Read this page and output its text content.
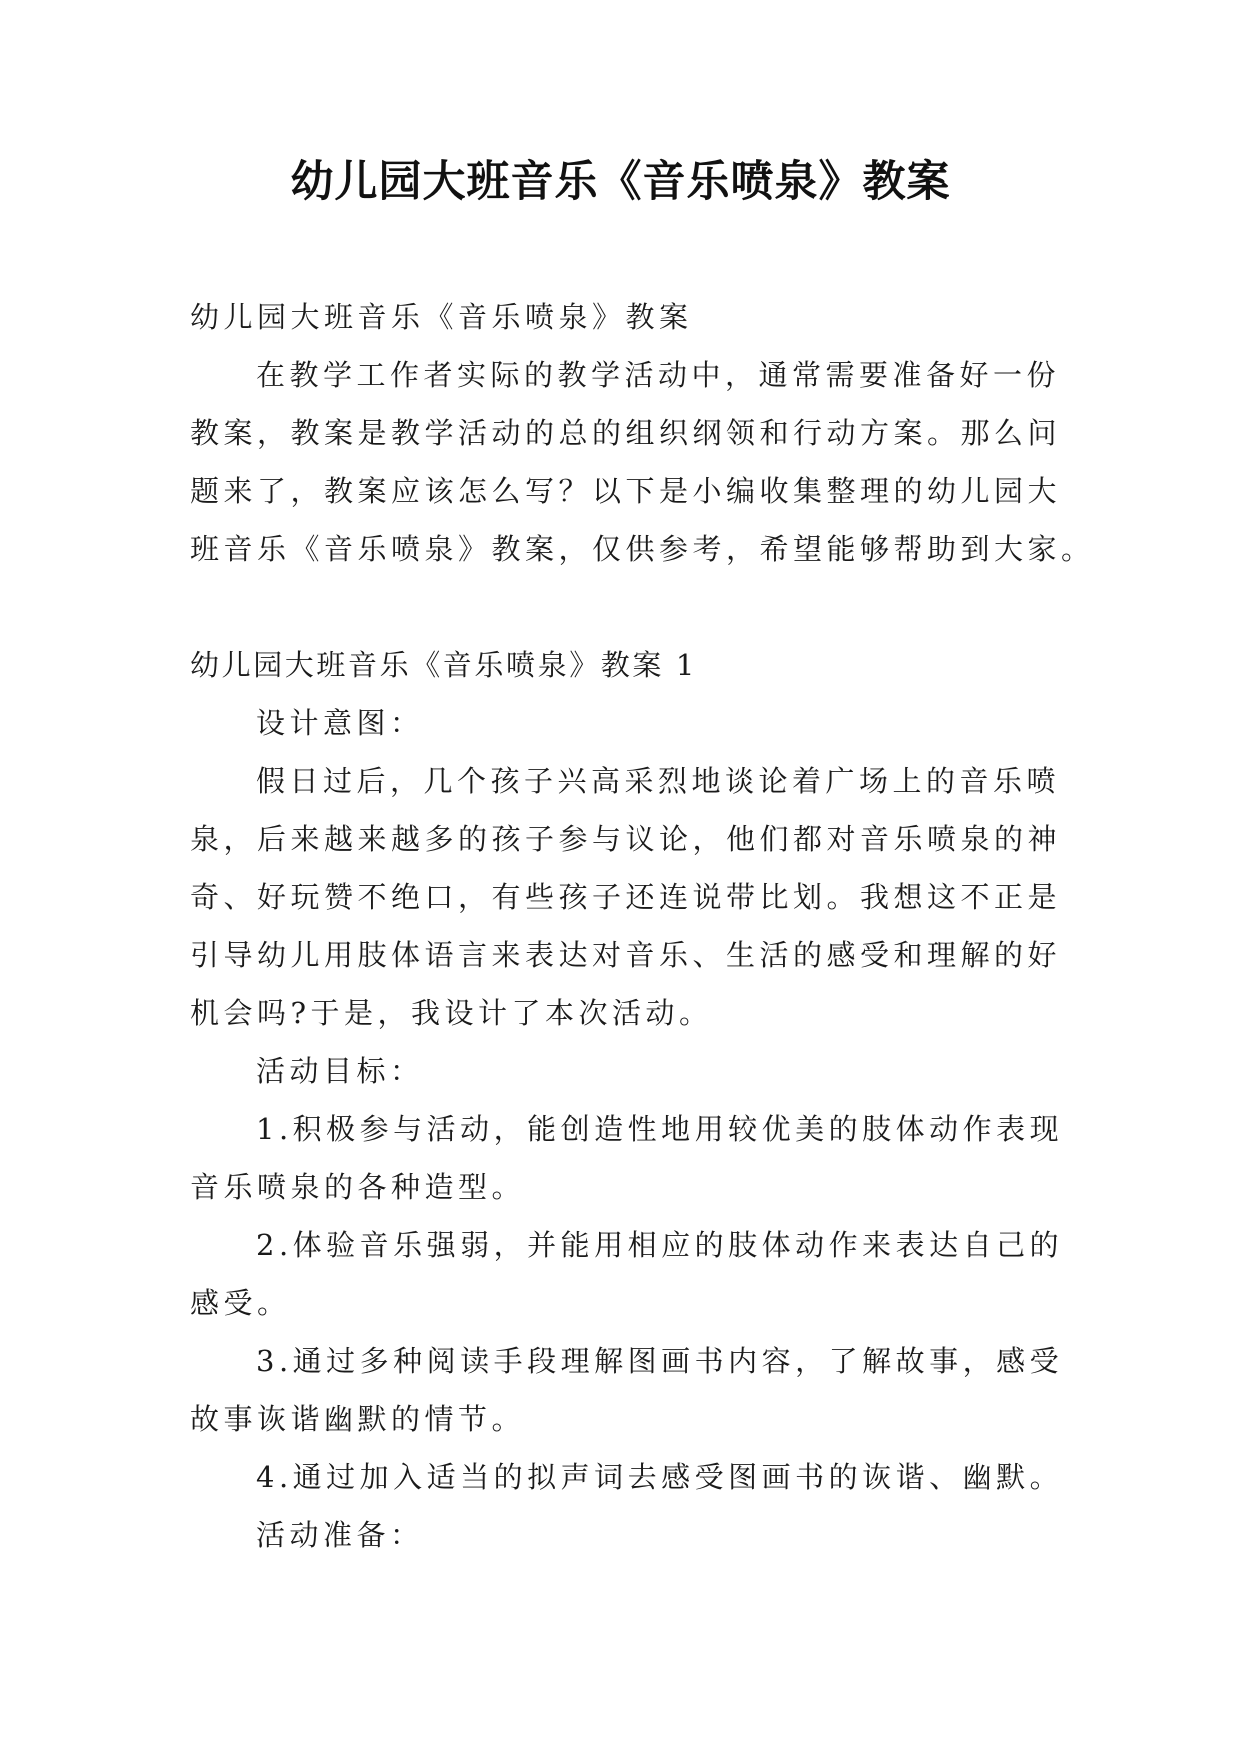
幼儿园大班音乐《音乐喷泉》教案
幼儿园大班音乐《音乐喷泉》教案
在教学工作者实际的教学活动中，通常需要准备好一份
教案，教案是教学活动的总的组织纲领和行动方案。那么问
题来了，教案应该怎么写？以下是小编收集整理的幼儿园大
班音乐《音乐喷泉》教案，仅供参考，希望能够帮助到大家。
幼儿园大班音乐《音乐喷泉》教案 1
设计意图：
假日过后，几个孩子兴高采烈地谈论着广场上的音乐喷
泉，后来越来越多的孩子参与议论，他们都对音乐喷泉的神
奇、好玩赞不绝口，有些孩子还连说带比划。我想这不正是
引导幼儿用肢体语言来表达对音乐、生活的感受和理解的好
机会吗?于是，我设计了本次活动。
活动目标：
1.积极参与活动，能创造性地用较优美的肢体动作表现
音乐喷泉的各种造型。
2.体验音乐强弱，并能用相应的肢体动作来表达自己的
感受。
3.通过多种阅读手段理解图画书内容，了解故事，感受
故事诙谐幽默的情节。
4.通过加入适当的拟声词去感受图画书的诙谐、幽默。
活动准备：
